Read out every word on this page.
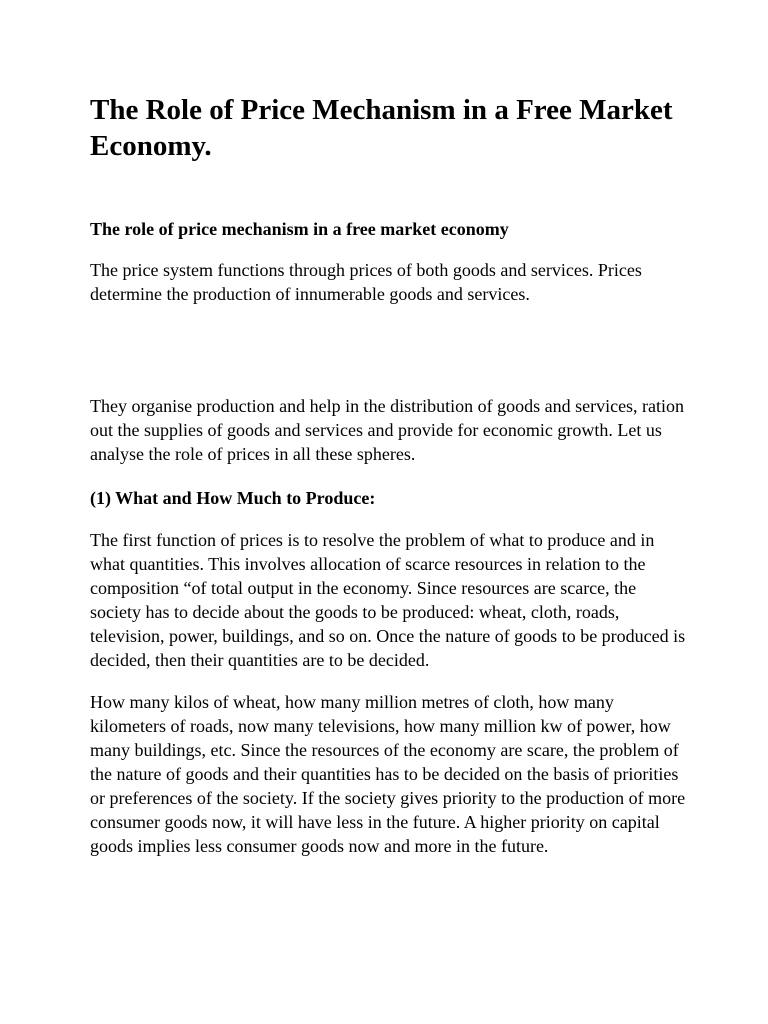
The Role of Price Mechanism in a Free Market Economy.
The role of price mechanism in a free market economy

The price system functions through prices of both goods and services. Prices determine the production of innumerable goods and services.

They organise production and help in the distribution of goods and services, ration out the supplies of goods and services and provide for economic growth. Let us analyse the role of prices in all these spheres.

(1) What and How Much to Produce:

The first function of prices is to resolve the problem of what to produce and in what quantities. This involves allocation of scarce resources in relation to the composition “of total output in the economy. Since resources are scarce, the society has to decide about the goods to be produced: wheat, cloth, roads, television, power, buildings, and so on. Once the nature of goods to be produced is decided, then their quantities are to be decided.

How many kilos of wheat, how many million metres of cloth, how many kilometers of roads, now many televisions, how many million kw of power, how many buildings, etc. Since the resources of the economy are scare, the problem of the nature of goods and their quantities has to be decided on the basis of priorities or preferences of the society. If the society gives priority to the production of more consumer goods now, it will have less in the future. A higher priority on capital goods implies less consumer goods now and more in the future.
